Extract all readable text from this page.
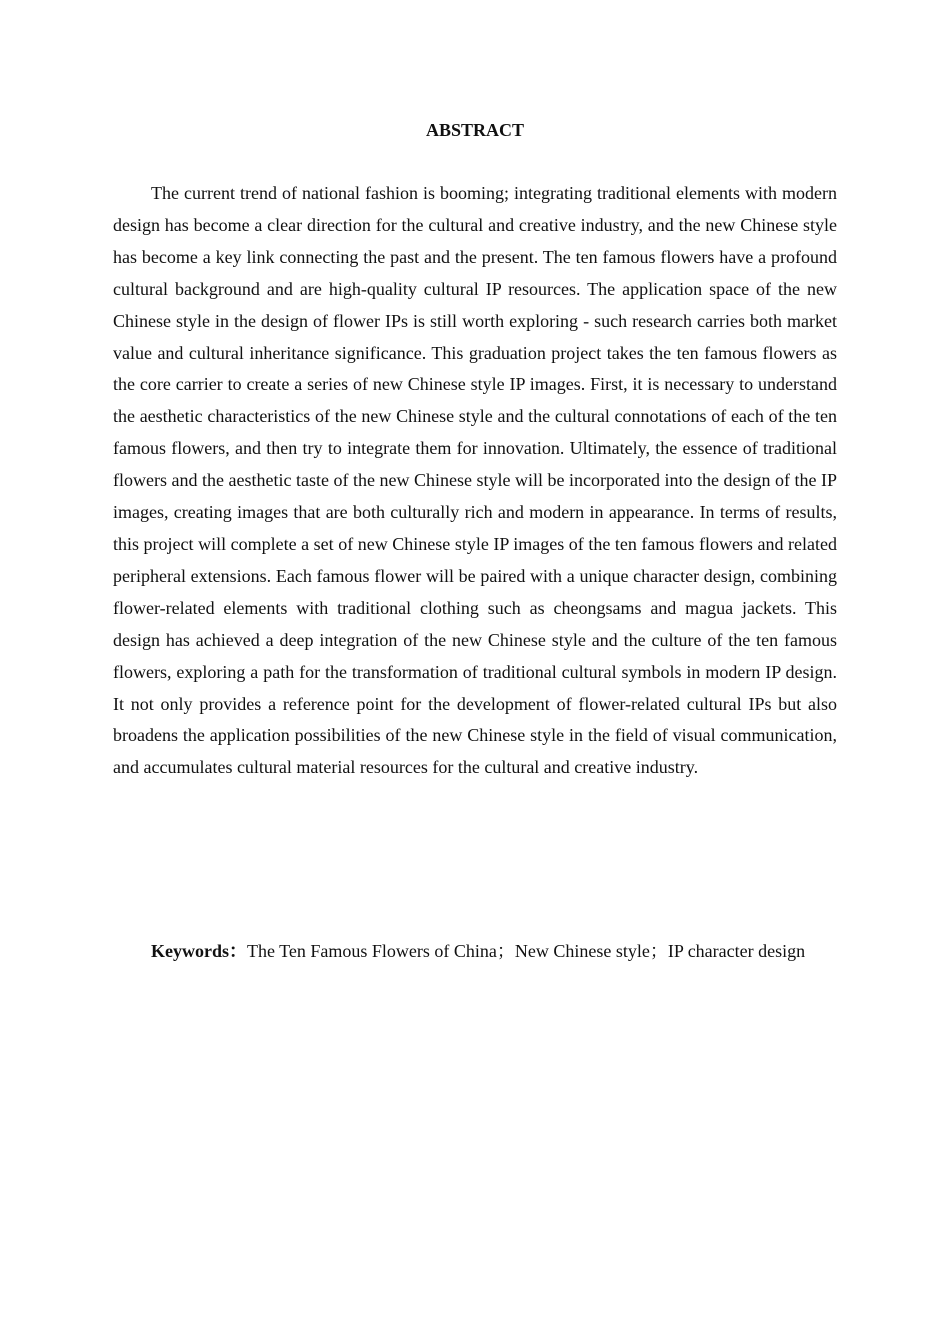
ABSTRACT

The current trend of national fashion is booming; integrating traditional elements with modern design has become a clear direction for the cultural and creative industry, and the new Chinese style has become a key link connecting the past and the present. The ten famous flowers have a profound cultural background and are high-quality cultural IP resources. The application space of the new Chinese style in the design of flower IPs is still worth exploring - such research carries both market value and cultural inheritance significance. This graduation project takes the ten famous flowers as the core carrier to create a series of new Chinese style IP images. First, it is necessary to understand the aesthetic characteristics of the new Chinese style and the cultural connotations of each of the ten famous flowers, and then try to integrate them for innovation. Ultimately, the essence of traditional flowers and the aesthetic taste of the new Chinese style will be incorporated into the design of the IP images, creating images that are both culturally rich and modern in appearance. In terms of results, this project will complete a set of new Chinese style IP images of the ten famous flowers and related peripheral extensions. Each famous flower will be paired with a unique character design, combining flower-related elements with traditional clothing such as cheongsams and magua jackets. This design has achieved a deep integration of the new Chinese style and the culture of the ten famous flowers, exploring a path for the transformation of traditional cultural symbols in modern IP design. It not only provides a reference point for the development of flower-related cultural IPs but also broadens the application possibilities of the new Chinese style in the field of visual communication, and accumulates cultural material resources for the cultural and creative industry.

Keywords：The Ten Famous Flowers of China；New Chinese style；IP character design
